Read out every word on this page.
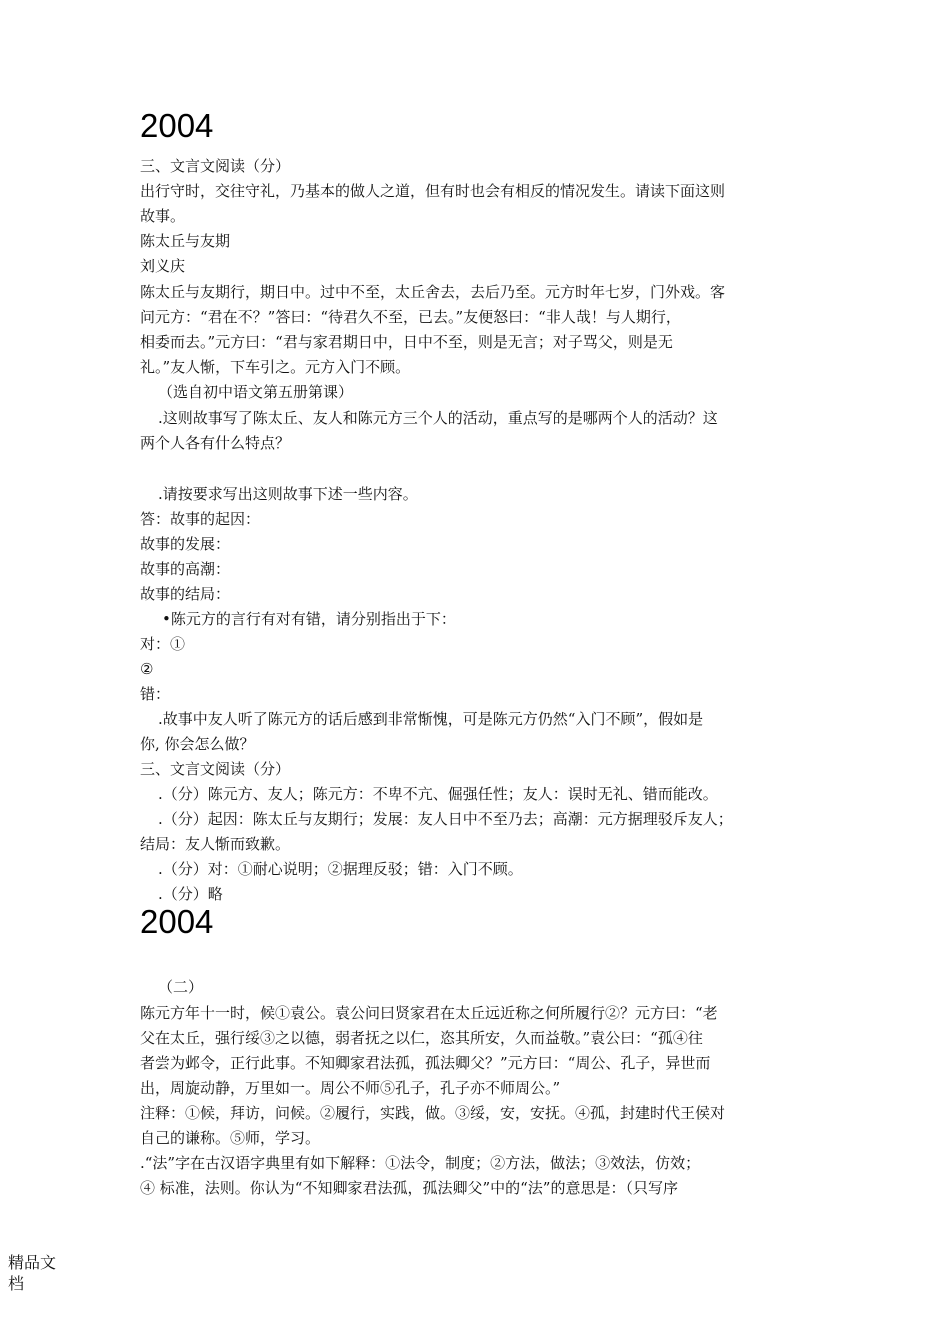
2004
三、文言文阅读（分）
出行守时，交往守礼，乃基本的做人之道，但有时也会有相反的情况发生。请读下面这则
故事。
陈太丘与友期
刘义庆
陈太丘与友期行，期日中。过中不至，太丘舍去，去后乃至。元方时年七岁，门外戏。客
问元方：“君在不？”答曰：“待君久不至，已去。”友便怒曰：“非人哉！与人期行，
相委而去。”元方曰：“君与家君期日中，日中不至，则是无言；对子骂父，则是无
礼。”友人惭，下车引之。元方入门不顾。
（选自初中语文第五册第课）
.这则故事写了陈太丘、友人和陈元方三个人的活动，重点写的是哪两个人的活动？这
两个人各有什么特点？
.请按要求写出这则故事下述一些内容。
答：故事的起因：
故事的发展：
故事的高潮：
故事的结局：
•陈元方的言行有对有错，请分别指出于下：
对：①
②
错：
.故事中友人听了陈元方的话后感到非常惭愧，可是陈元方仍然“入门不顾”，假如是
你, 你会怎么做？
三、文言文阅读（分）
.（分）陈元方、友人；陈元方：不卑不亢、倔强任性；友人：误时无礼、错而能改。
.（分）起因：陈太丘与友期行；发展：友人日中不至乃去；高潮：元方据理驳斥友人；
结局：友人惭而致歉。
.（分）对：①耐心说明；②据理反驳；错：入门不顾。
.（分）略
2004
（二）
陈元方年十一时，候①袁公。袁公问曰贤家君在太丘远近称之何所履行②？元方曰：“老
父在太丘，强行绥③之以德，弱者抚之以仁，恣其所安，久而益敬。”袁公曰：“孤④往
者尝为邺令，正行此事。不知卿家君法孤，孤法卿父？”元方曰：“周公、孔子，异世而
出，周旋动静，万里如一。周公不师⑤孔子，孔子亦不师周公。”
注释：①候，拜访，问候。②履行，实践，做。③绥，安，安抚。④孤，封建时代王侯对
自己的谦称。⑤师，学习。
.“法”字在古汉语字典里有如下解释：①法令，制度；②方法，做法；③效法，仿效；
④ 标准，法则。你认为“不知卿家君法孤，孤法卿父”中的“法”的意思是：（只写序
精品文
档
